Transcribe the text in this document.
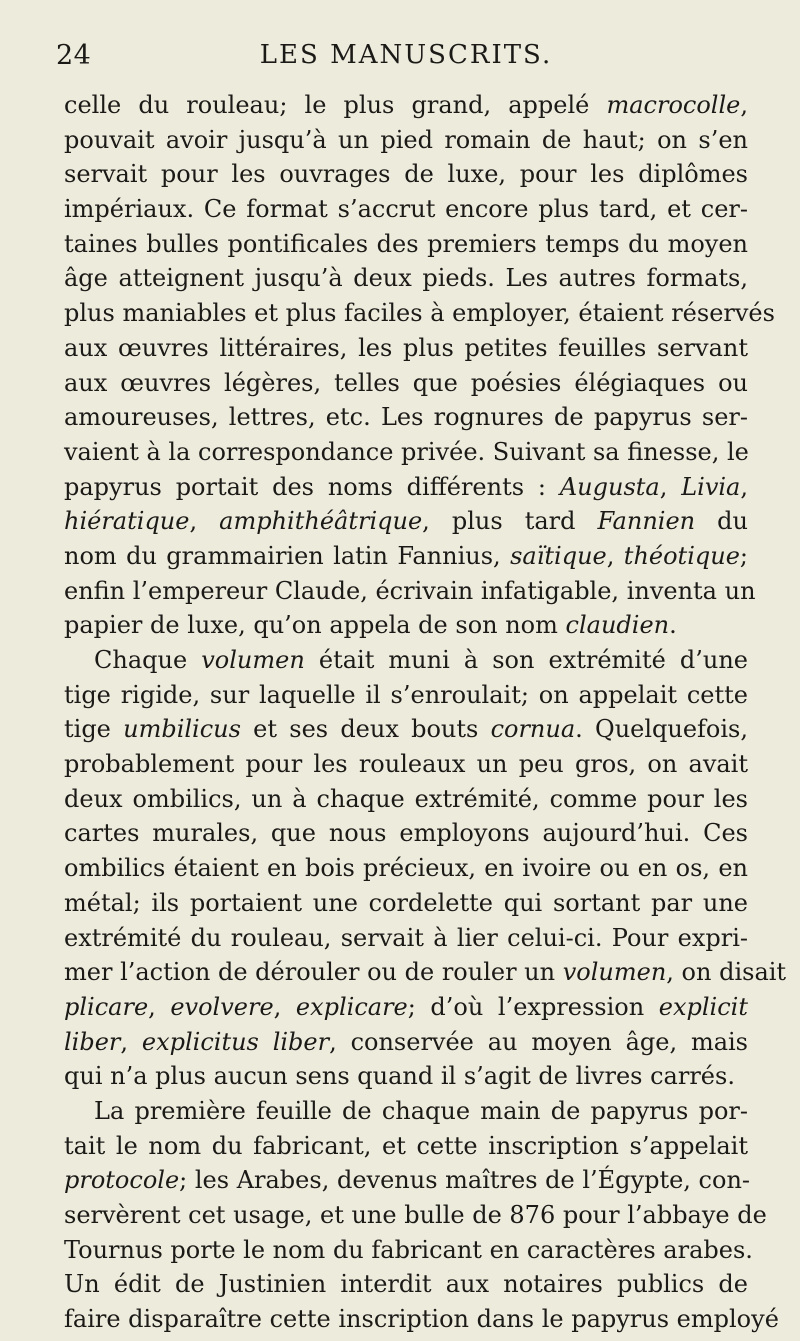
24	LES MANUSCRITS.
celle du rouleau; le plus grand, appelé macrocolle,
pouvait avoir jusqu’à un pied romain de haut; on s’en
servait pour les ouvrages de luxe, pour les diplômes
impériaux. Ce format s’accrut encore plus tard, et cer-
taines bulles pontificales des premiers temps du moyen
âge atteignent jusqu’à deux pieds. Les autres formats,
plus maniables et plus faciles à employer, étaient réservés
aux œuvres littéraires, les plus petites feuilles servant
aux œuvres légères, telles que poésies élégiaques ou
amoureuses, lettres, etc. Les rognures de papyrus ser-
vaient à la correspondance privée. Suivant sa finesse, le
papyrus portait des noms différents : Augusta, Livia,
hiératique, amphithéâtrique, plus tard Fannien du
nom du grammairien latin Fannius, saïtique, théotique;
enfin l’empereur Claude, écrivain infatigable, inventa un
papier de luxe, qu’on appela de son nom claudien.
Chaque volumen était muni à son extrémité d’une
tige rigide, sur laquelle il s’enroulait; on appelait cette
tige umbilicus et ses deux bouts cornua. Quelquefois,
probablement pour les rouleaux un peu gros, on avait
deux ombilics, un à chaque extrémité, comme pour les
cartes murales, que nous employons aujourd’hui. Ces
ombilics étaient en bois précieux, en ivoire ou en os, en
métal; ils portaient une cordelette qui sortant par une
extrémité du rouleau, servait à lier celui-ci. Pour expri-
mer l’action de dérouler ou de rouler un volumen, on disait
plicare, evolvere, explicare; d’où l’expression explicit
liber, explicitus liber, conservée au moyen âge, mais
qui n’a plus aucun sens quand il s’agit de livres carrés.
La première feuille de chaque main de papyrus por-
tait le nom du fabricant, et cette inscription s’appelait
protocole; les Arabes, devenus maîtres de l’Égypte, con-
servèrent cet usage, et une bulle de 876 pour l’abbaye de
Tournus porte le nom du fabricant en caractères arabes.
Un édit de Justinien interdit aux notaires publics de
faire disparaître cette inscription dans le papyrus employé
